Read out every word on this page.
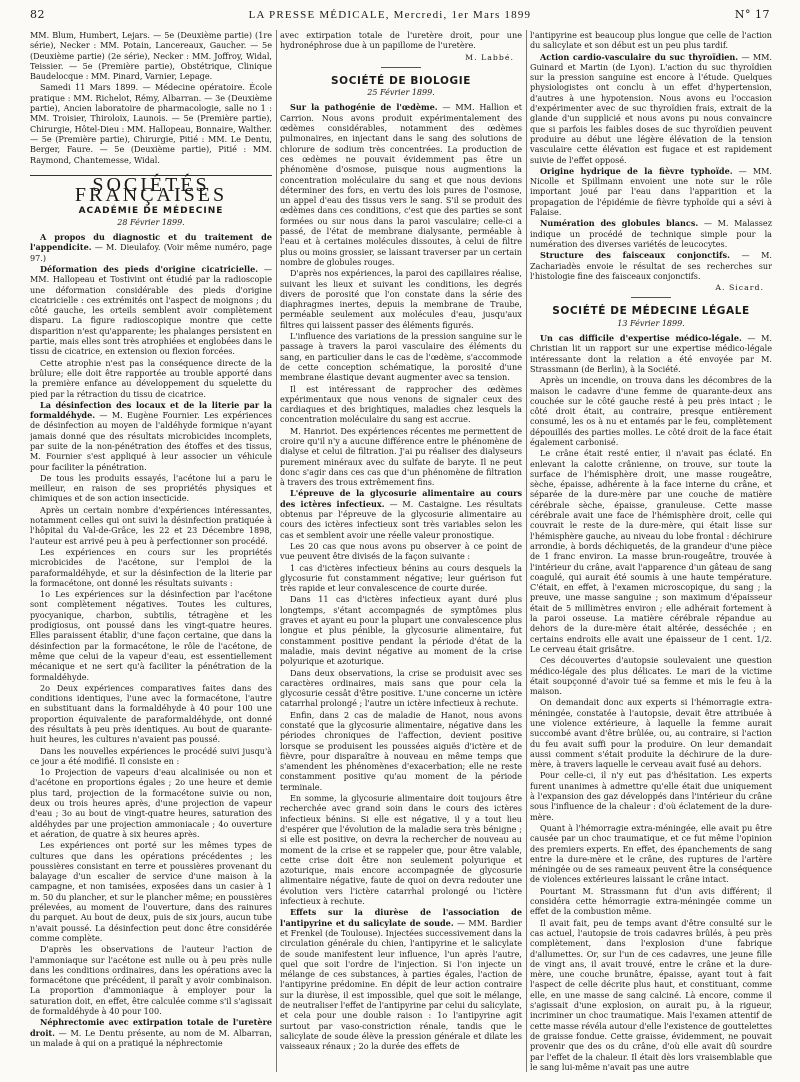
82	LA PRESSE MÉDICALE, Mercredi, 1er Mars 1899	N° 17

MM. Blum, Humbert, Lejars. — 5e (Deuxième partie) (1re série), Necker : MM. Potain, Lancereaux, Gaucher. — 5e (Deuxième partie) (2e série), Necker : MM. Joffroy, Widal, Teissier. — 5e (Première partie), Obstétrique, Clinique Baudelocque : MM. Pinard, Varnier, Lepage.

Samedi 11 Mars 1899. — Médecine opératoire. École pratique : MM. Richelot, Rémy, Albarran. — 3e (Deuxième partie), Ancien laboratoire de pharmacologie, salle no 1 : MM. Troisier, Thiroloix, Launois. — 5e (Première partie), Chirurgie, Hôtel-Dieu : MM. Hallopeau, Bonnaire, Walther. — 5e (Première partie), Chirurgie, Pitié : MM. Le Dentu, Berger, Faure. — 5e (Deuxième partie), Pitié : MM. Raymond, Chantemesse, Widal.

SOCIÉTÉS FRANÇAISES
ACADÉMIE DE MÉDECINE
28 Février 1899.

A propos du diagnostic et du traitement de l'appendicite. — M. Dieulafoy. (Voir même numéro, page 97.)

Déformation des pieds d'origine cicatricielle. — MM. Hallopeau et Tostivint ont étudié par la radioscopie une déformation considérable des pieds d'origine cicatricielle : ces extrémités ont l'aspect de moignons ; du côté gauche, les orteils semblent avoir complètement disparu. La figure radioscopique montre que cette disparition n'est qu'apparente; les phalanges persistent en partie, mais elles sont très atrophiées et englobées dans le tissu de cicatrice, en extension ou flexion forcées.

Cette atrophie n'est pas la conséquence directe de la brûlure; elle doit être rapportée au trouble apporté dans la première enfance au développement du squelette du pied par la rétraction du tissu de cicatrice.

La désinfection des locaux et de la literie par la formaldéhyde. — M. Eugène Fournier. Les expériences de désinfection au moyen de l'aldéhyde formique n'ayant jamais donné que des résultats microbicides incomplets, par suite de la non-pénétration des étoffes et des tissus, M. Fournier s'est appliqué à leur associer un véhicule pour faciliter la pénétration.

De tous les produits essayés, l'acétone lui a paru le meilleur, en raison de ses propriétés physiques et chimiques et de son action insecticide.

Après un certain nombre d'expériences intéressantes, notamment celles qui ont suivi la désinfection pratiquée à l'hôpital du Val-de-Grâce, les 22 et 23 Décembre 1898, l'auteur est arrivé peu à peu à perfectionner son procédé.

Les expériences en cours sur les propriétés microbicides de l'acétone, sur l'emploi de la paraformaldéhyde, et sur la désinfection de la literie par la formacétone, ont donné les résultats suivants :

1o Les expériences sur la désinfection par l'acétone sont complètement négatives. Toutes les cultures, pyocyanique, charbon, subtilis, tétragène et les prodigiosus, ont poussé dans les vingt-quatre heures. Elles paraissent établir, d'une façon certaine, que dans la désinfection par la formacétone, le rôle de l'acétone, de même que celui de la vapeur d'eau, est essentiellement mécanique et ne sert qu'à faciliter la pénétration de la formaldéhyde.

2o Deux expériences comparatives faites dans des conditions identiques, l'une avec la formacétone, l'autre en substituant dans la formaldéhyde à 40 pour 100 une proportion équivalente de paraformaldéhyde, ont donné des résultats à peu près identiques. Au bout de quarante-huit heures, les cultures n'avaient pas poussé.

Dans les nouvelles expériences le procédé suivi jusqu'à ce jour a été modifié. Il consiste en :

1o Projection de vapeurs d'eau alcalinisée ou non et d'acétone en proportions égales ; 2o une heure et demie plus tard, projection de la formacétone suivie ou non, deux ou trois heures après, d'une projection de vapeur d'eau ; 3o au bout de vingt-quatre heures, saturation des aldéhydes par une projection ammoniacale ; 4o ouverture et aération, de quatre à six heures après.

Les expériences ont porté sur les mêmes types de cultures que dans les opérations précédentes ; les poussières consistant en terre et poussières provenant du balayage d'un escalier de service d'une maison à la campagne, et non tamisées, exposées dans un casier à 1 m. 50 du plancher, et sur le plancher même; en poussières prélevées, au moment de l'ouverture, dans des rainures du parquet. Au bout de deux, puis de six jours, aucun tube n'avait poussé. La désinfection peut donc être considérée comme complète.

D'après les observations de l'auteur l'action de l'ammoniaque sur l'acétone est nulle ou à peu près nulle dans les conditions ordinaires, dans les opérations avec la formacétone que précédent, il paraît y avoir combinaison. La proportion d'ammoniaque à employer pour la saturation doit, en effet, être calculée comme s'il s'agissait de formaldéhyde à 40 pour 100.

Néphrectomie avec extirpation totale de l'uretère droit. — M. Le Dentu présente, au nom de M. Albarran, un malade à qui on a pratiqué la néphrectomie

avec extirpation totale de l'uretère droit, pour une hydronéphrose due à un papillome de l'uretère.

M. Labbé.
SOCIÉTÉ DE BIOLOGIE
25 Février 1899.

Sur la pathogénie de l'œdème. — MM. Hallion et Carrion. Nous avons produit expérimentalement des œdèmes considérables, notamment des œdèmes pulmonaires, en injectant dans le sang des solutions de chlorure de sodium très concentrées. La production de ces œdèmes ne pouvait évidemment pas être un phénomène d'osmose, puisque nous augmentions la concentration moléculaire du sang et que nous devions déterminer des fors, en vertu des lois pures de l'osmose, un appel d'eau des tissus vers le sang. S'il se produit des œdèmes dans ces conditions, c'est que des parties se sont formées ou sur nous dans la paroi vasculaire; celle-ci a passé, de l'état de membrane dialysante, perméable à l'eau et à certaines molécules dissoutes, à celui de filtre plus ou moins grossier, se laissant traverser par un certain nombre de globules rouges.

D'après nos expériences, la paroi des capillaires réalise, suivant les lieux et suivant les conditions, les degrés divers de porosité que l'on constate dans la série des diaphragmes inertes, depuis la membrane de Traube, perméable seulement aux molécules d'eau, jusqu'aux filtres qui laissent passer des éléments figurés.

L'influence des variations de la pression sanguine sur le passage à travers la paroi vasculaire des éléments du sang, en particulier dans le cas de l'œdème, s'accommode de cette conception schématique, la porosité d'une membrane élastique devant augmenter avec sa tension.

Il est intéressant de rapprocher des œdèmes expérimentaux que nous venons de signaler ceux des cardiaques et des brightiques, maladies chez lesquels la concentration moléculaire du sang est accrue.

M. Hanriot. Des expériences récentes me permettent de croire qu'il n'y a aucune différence entre le phénomène de dialyse et celui de filtration. J'ai pu réaliser des dialyseurs purement minéraux avec du sulfate de baryte. Il ne peut donc s'agir dans ces cas que d'un phénomène de filtration à travers des trous extrêmement fins.

L'épreuve de la glycosurie alimentaire au cours des ictères infectieux. — M. Castaigne. Les résultats obtenus par l'épreuve de la glycosurie alimentaire au cours des ictères infectieux sont très variables selon les cas et semblent avoir une réelle valeur pronostique.

Les 20 cas que nous avons pu observer à ce point de vue peuvent être divisés de la façon suivante :

1 cas d'ictères infectieux bénins au cours desquels la glycosurie fut constamment négative; leur guérison fut très rapide et leur convalescence de courte durée.

Dans 11 cas d'ictères infectieux ayant duré plus longtemps, s'étant accompagnés de symptômes plus graves et ayant eu pour la plupart une convalescence plus longue et plus pénible, la glycosurie alimentaire, fut constamment positive pendant la période d'état de la maladie, mais devint négative au moment de la crise polyurique et azoturique.

Dans deux observations, la crise se produisit avec ses caractères ordinaires, mais sans que pour cela la glycosurie cessât d'être positive. L'une concerne un ictère catarrhal prolongé ; l'autre un ictère infectieux à rechute.

Enfin, dans 2 cas de maladie de Hanot, nous avons constaté que la glycosurie alimentaire, négative dans les périodes chroniques de l'affection, devient positive lorsque se produisent les poussées aiguës d'ictère et de fièvre, pour disparaître à nouveau en même temps que s'amendent les phénomènes d'exacerbation; elle ne reste constamment positive qu'au moment de la période terminale.

En somme, la glycosurie alimentaire doit toujours être recherchée avec grand soin dans le cours des ictères infectieux bénins. Si elle est négative, il y a tout lieu d'espérer que l'évolution de la maladie sera très bénigne ; si elle est positive, on devra la rechercher de nouveau au moment de la crise et se rappeler que, pour être valable, cette crise doit être non seulement polyurique et azoturique, mais encore accompagnée de glycosurie alimentaire négative, faute de quoi on devra redouter une évolution vers l'ictère catarrhal prolongé ou l'ictère infectieux à rechute.

Effets sur la diurèse de l'association de l'antipyrine et du salicylate de soude. — MM. Bardier et Frenkel (de Toulouse). Injectées successivement dans la circulation générale du chien, l'antipyrine et le salicylate de soude manifestent leur influence, l'un après l'autre, quel que soit l'ordre de l'injection. Si l'on injecte un mélange de ces substances, à parties égales, l'action de l'antipyrine prédomine. En dépit de leur action contraire sur la diurèse, il est impossible, quel que soit le mélange, de neutraliser l'effet de l'antipyrine par celui du salicylate, et cela pour une double raison : 1o l'antipyrine agit surtout par vaso-constriction rénale, tandis que le salicylate de soude élève la pression générale et dilate les vaisseaux rénaux ; 2o la durée des effets de

l'antipyrine est beaucoup plus longue que celle de l'action du salicylate et son début est un peu plus tardif.

Action cardio-vasculaire du suc thyroïdien. — MM. Guinard et Martin (de Lyon). L'action du suc thyroïdien sur la pression sanguine est encore à l'étude. Quelques physiologistes ont conclu à un effet d'hypertension, d'autres à une hypotension. Nous avons eu l'occasion d'expérimenter avec de suc thyroïdien frais, extrait de la glande d'un supplicié et nous avons pu nous convaincre que si parfois les faibles doses de suc thyroïdien peuvent produire au début une légère élévation de la tension vasculaire cette élévation est fugace et est rapidement suivie de l'effet opposé.

Origine hydrique de la fièvre typhoïde. — MM. Nicolle et Spillmann envoient une note sur le rôle important joué par l'eau dans l'apparition et la propagation de l'épidémie de fièvre typhoïde qui a sévi à Falaise.

Numération des globules blancs. — M. Malassez indique un procédé de technique simple pour la numération des diverses variétés de leucocytes.

Structure des faisceaux conjonctifs. — M. Zachariadès envoie le résultat de ses recherches sur l'histologie fine des faisceaux conjonctifs.

A. Sicard.
SOCIÉTÉ DE MÉDECINE LÉGALE
13 Février 1899.

Un cas difficile d'expertise médico-légale. — M. Christian lit un rapport sur une expertise médico-légale intéressante dont la relation a été envoyée par M. Strassmann (de Berlin), à la Société.

Après un incendie, on trouva dans les décombres de la maison le cadavre d'une femme de quarante-deux ans couchée sur le côté gauche resté à peu près intact ; le côté droit était, au contraire, presque entièrement consumé, les os à nu et entamés par le feu, complètement dépouillés des parties molles. Le côté droit de la face était également carbonisé.

Le crâne était resté entier, il n'avait pas éclaté. En enlevant la calotte crânienne, on trouve, sur toute la surface de l'hémisphère droit, une masse rougeâtre, sèche, épaisse, adhérente à la face interne du crâne, et séparée de la dure-mère par une couche de matière cérébrale sèche, épaisse, granuleuse. Cette masse cérébrale avait une face de l'hémisphère droit, celle qui couvrait le reste de la dure-mère, qui était lisse sur l'hémisphère gauche, au niveau du lobe frontal : déchirure arrondie, à bords déchiquetés, de la grandeur d'une pièce de 1 franc environ. La masse brun-rougeâtre, trouvée à l'intérieur du crâne, avait l'apparence d'un gâteau de sang coagulé, qui aurait été soumis à une haute température. C'était, en effet, à l'examen microscopique, du sang ; la preuve, une masse sanguine ; son maximum d'épaisseur était de 5 millimètres environ ; elle adhérait fortement à la paroi osseuse. La matière cérébrale répandue au dehors de la dure-mère était altérée, desséchée ; en certains endroits elle avait une épaisseur de 1 cent. 1/2. Le cerveau était grisâtre.

Ces découvertes d'autopsie soulevaient une question médico-légale des plus délicates. Le mari de la victime était soupçonné d'avoir tué sa femme et mis le feu à la maison.

On demandait donc aux experts si l'hémorragie extra-méningée, constatée à l'autopsie, devait être attribuée à une violence extérieure, à laquelle la femme aurait succombé avant d'être brûlée, ou, au contraire, si l'action du feu avait suffi pour la produire. On leur demandait aussi comment s'était produite la déchirure de la dure-mère, à travers laquelle le cerveau avait fusé au dehors.

Pour celle-ci, il n'y eut pas d'hésitation. Les experts furent unanimes à admettre qu'elle était due uniquement à l'expansion des gaz développés dans l'intérieur du crâne sous l'influence de la chaleur : d'où éclatement de la dure-mère.

Quant à l'hémorragie extra-méningée, elle avait pu être causée par un choc traumatique, et ce fut même l'opinion des premiers experts. En effet, des épanchements de sang entre la dure-mère et le crâne, des ruptures de l'artère méningée ou de ses rameaux peuvent être la conséquence de violences extérieures laissant le crâne intact.

Pourtant M. Strassmann fut d'un avis différent; il considéra cette hémorragie extra-méningée comme un effet de la combustion même.

Il avait fait, peu de temps avant d'être consulté sur le cas actuel, l'autopsie de trois cadavres brûlés, à peu près complètement, dans l'explosion d'une fabrique d'allumettes. Or, sur l'un de ces cadavres, une jeune fille de vingt ans, il avait trouvé, entre le crâne et la dure-mère, une couche brunâtre, épaisse, ayant tout à fait l'aspect de celle décrite plus haut, et constituant, comme elle, en une masse de sang calciné. Là encore, comme il s'agissait d'une explosion, on aurait pu, à la rigueur, incriminer un choc traumatique. Mais l'examen attentif de cette masse révéla autour d'elle l'existence de gouttelettes de graisse fondue. Cette graisse, évidemment, ne pouvait provenir que des os du crâne, d'où elle avait dû sourdre par l'effet de la chaleur. Il était dès lors vraisemblable que le sang lui-même n'avait pas une autre
